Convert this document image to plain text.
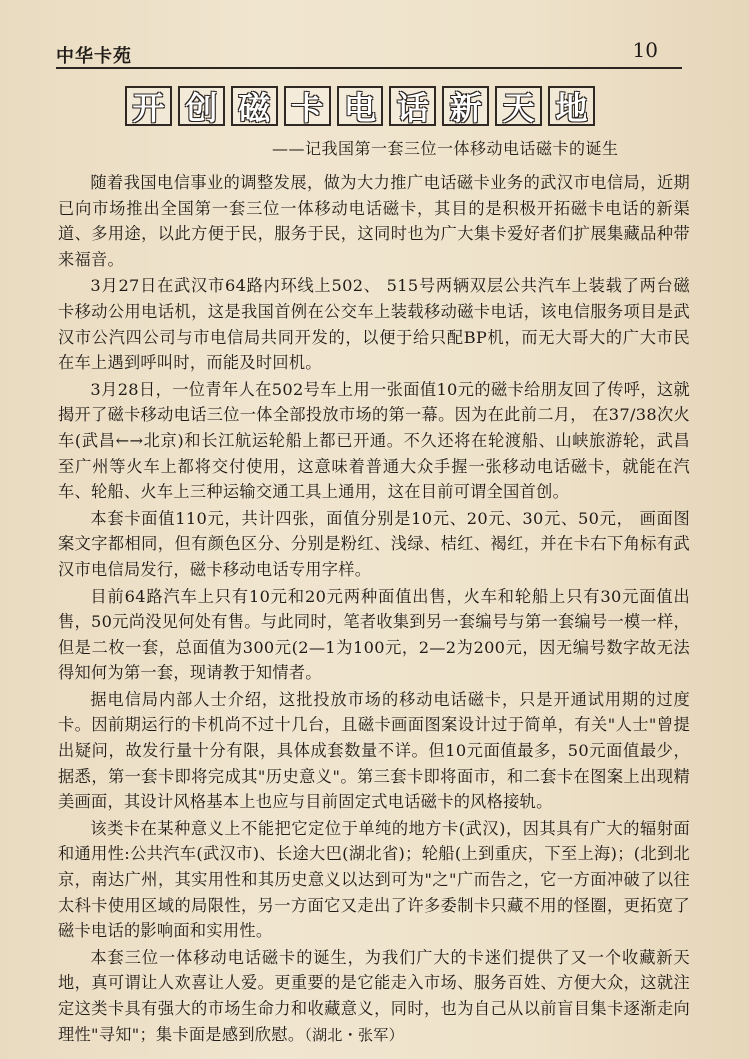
中华卡苑	10
开 创 磁 卡 电 话 新 天 地
——记我国第一套三位一体移动电话磁卡的诞生

随着我国电信事业的调整发展，做为大力推广电话磁卡业务的武汉市电信局，近期已向市场推出全国第一套三位一体移动电话磁卡，其目的是积极开拓磁卡电话的新渠道、多用途，以此方便于民，服务于民，这同时也为广大集卡爱好者们扩展集藏品种带来福音。

3月27日在武汉市64路内环线上502、 515号两辆双层公共汽车上装载了两台磁卡移动公用电话机，这是我国首例在公交车上装载移动磁卡电话，该电信服务项目是武汉市公汽四公司与市电信局共同开发的，以便于给只配BP机，而无大哥大的广大市民在车上遇到呼叫时，而能及时回机。

3月28日，一位青年人在502号车上用一张面值10元的磁卡给朋友回了传呼，这就揭开了磁卡移动电话三位一体全部投放市场的第一幕。因为在此前二月， 在37/38次火车(武昌←→北京)和长江航运轮船上都已开通。不久还将在轮渡船、山峡旅游轮，武昌至广州等火车上都将交付使用，这意味着普通大众手握一张移动电话磁卡，就能在汽车、轮船、火车上三种运输交通工具上通用，这在目前可谓全国首创。

本套卡面值110元，共计四张，面值分别是10元、20元、30元、50元， 画面图案文字都相同，但有颜色区分、分别是粉红、浅绿、桔红、褐红，并在卡右下角标有武汉市电信局发行，磁卡移动电话专用字样。

目前64路汽车上只有10元和20元两种面值出售，火车和轮船上只有30元面值出售，50元尚没见何处有售。与此同时，笔者收集到另一套编号与第一套编号一模一样，但是二枚一套，总面值为300元(2—1为100元，2—2为200元，因无编号数字故无法得知何为第一套，现请教于知情者。

据电信局内部人士介绍，这批投放市场的移动电话磁卡，只是开通试用期的过度卡。因前期运行的卡机尚不过十几台，且磁卡画面图案设计过于简单，有关"人士"曾提出疑问，故发行量十分有限，具体成套数量不详。但10元面值最多，50元面值最少，据悉，第一套卡即将完成其"历史意义"。第三套卡即将面市，和二套卡在图案上出现精美画面，其设计风格基本上也应与目前固定式电话磁卡的风格接轨。

该类卡在某种意义上不能把它定位于单纯的地方卡(武汉)，因其具有广大的辐射面和通用性:公共汽车(武汉市)、长途大巴(湖北省)；轮船(上到重庆，下至上海)；(北到北京，南达广州，其实用性和其历史意义以达到可为"之"广而告之，它一方面冲破了以往太科卡使用区域的局限性，另一方面它又走出了许多委制卡只藏不用的怪圈，更拓宽了磁卡电话的影响面和实用性。

本套三位一体移动电话磁卡的诞生，为我们广大的卡迷们提供了又一个收藏新天地，真可谓让人欢喜让人爱。更重要的是它能走入市场、服务百姓、方便大众，这就注定这类卡具有强大的市场生命力和收藏意义，同时，也为自己从以前盲目集卡逐渐走向理性"寻知"；集卡面是感到欣慰。（湖北・张军）
